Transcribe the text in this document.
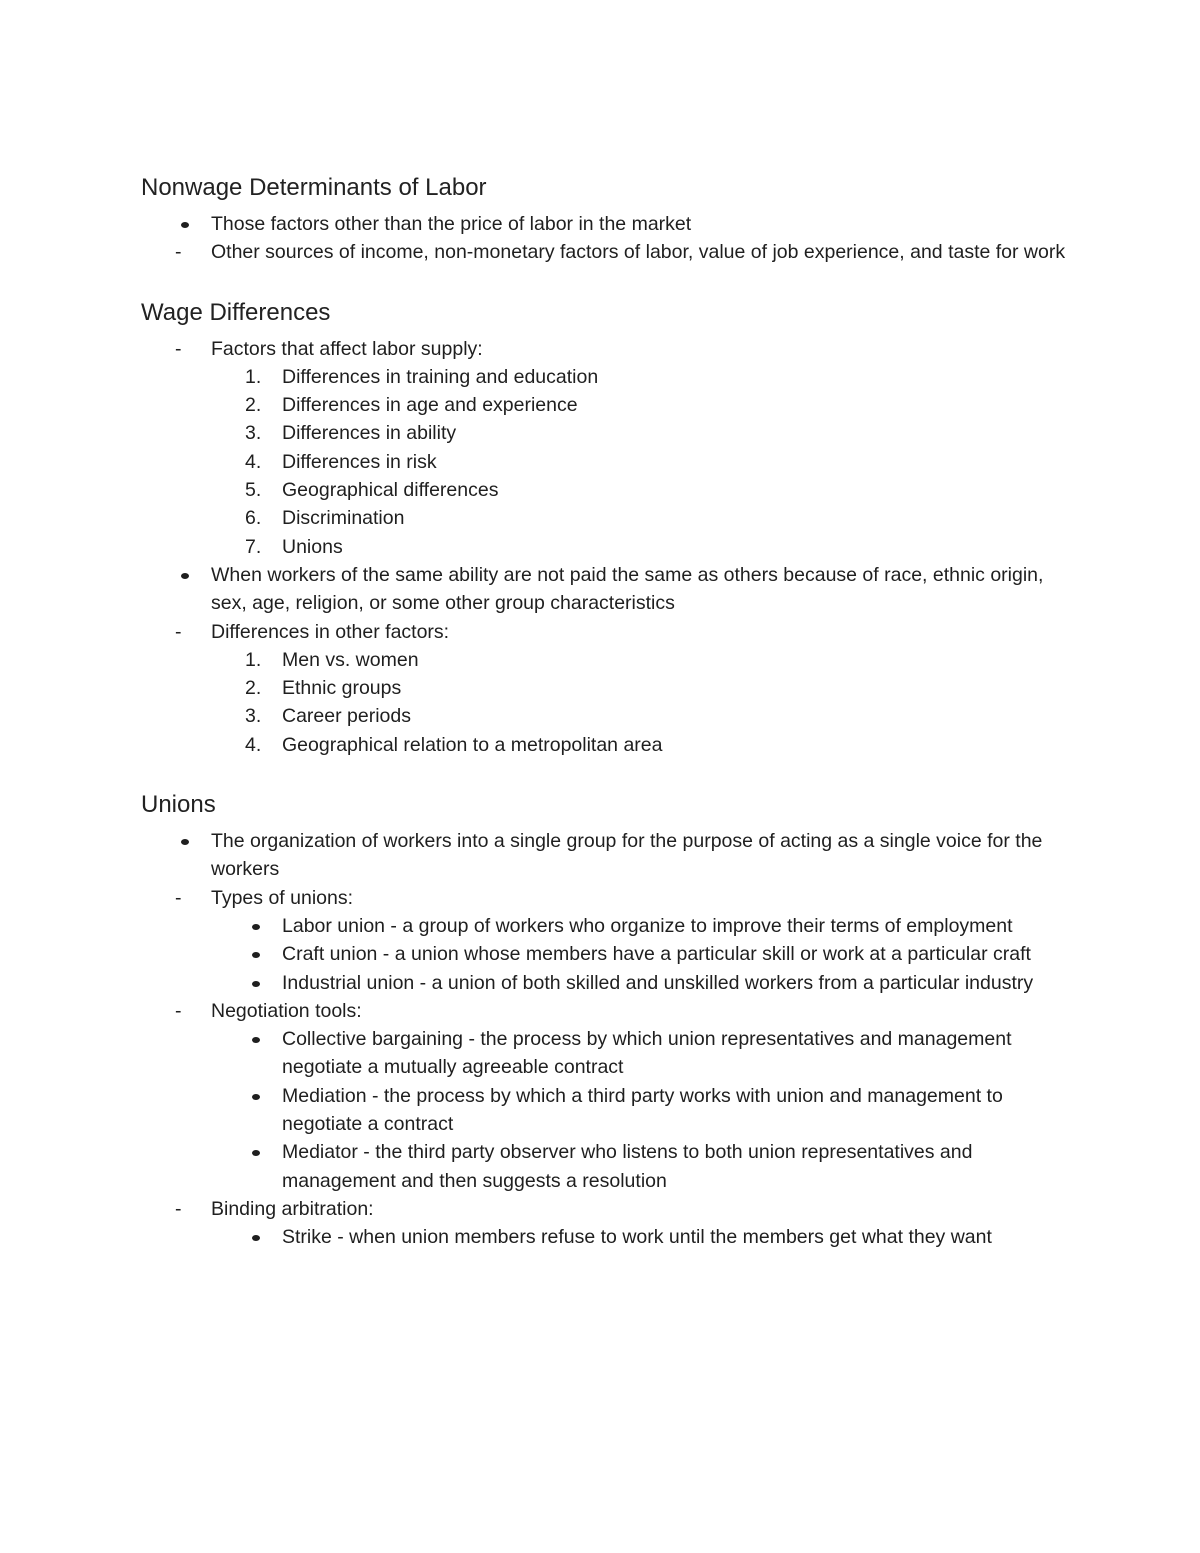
Nonwage Determinants of Labor
Those factors other than the price of labor in the market
- Other sources of income, non-monetary factors of labor, value of job experience, and taste for work
Wage Differences
- Factors that affect labor supply:
1. Differences in training and education
2. Differences in age and experience
3. Differences in ability
4. Differences in risk
5. Geographical differences
6. Discrimination
7. Unions
When workers of the same ability are not paid the same as others because of race, ethnic origin, sex, age, religion, or some other group characteristics
- Differences in other factors:
1. Men vs. women
2. Ethnic groups
3. Career periods
4. Geographical relation to a metropolitan area
Unions
The organization of workers into a single group for the purpose of acting as a single voice for the workers
- Types of unions:
Labor union - a group of workers who organize to improve their terms of employment
Craft union - a union whose members have a particular skill or work at a particular craft
Industrial union - a union of both skilled and unskilled workers from a particular industry
- Negotiation tools:
Collective bargaining - the process by which union representatives and management negotiate a mutually agreeable contract
Mediation - the process by which a third party works with union and management to negotiate a contract
Mediator - the third party observer who listens to both union representatives and management and then suggests a resolution
- Binding arbitration:
Strike - when union members refuse to work until the members get what they want
